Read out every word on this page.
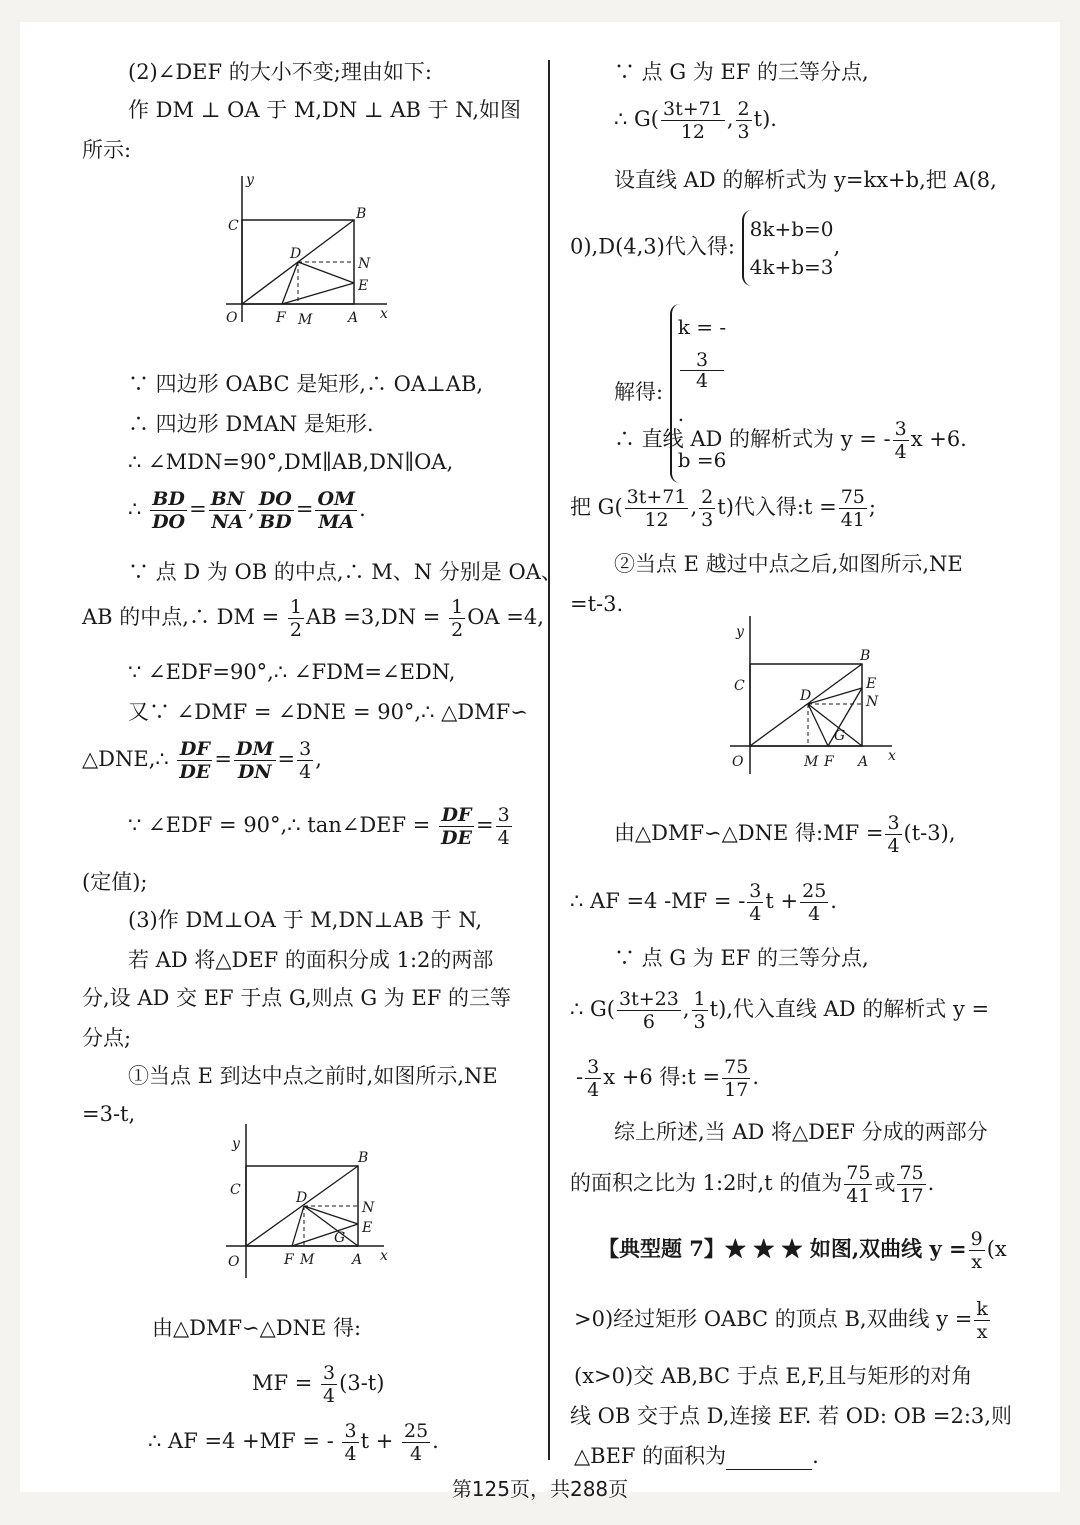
(2)∠DEF 的大小不变;理由如下:
作 DM ⊥ OA 于 M,DN ⊥ AB 于 N,如图
所示:
y
x
O
C
B
D
N
E
F M	A
∵ 四边形 OABC 是矩形,∴ OA⊥AB,
∴ 四边形 DMAN 是矩形.
∴ ∠MDN=90°,DM∥AB,DN∥OA,
∴ $\frac{BD}{DO} = \frac{BN}{NA}$ , $\frac{DO}{BD} = \frac{OM}{MA}$ .
∵ 点 D 为 OB 的中点,∴ M、N 分别是 OA、
AB 的中点,∴ DM = $\frac{1}{2}$ AB $=3,DN = \frac{1}{2}$ OA =4,
∵ ∠EDF=90°,∴ ∠FDM=∠EDN,
又∵ ∠DMF = ∠DNE = 90°,∴ △DMF∽
△DNE,∴ $\frac{DF}{DE} = \frac{DM}{DN} = \frac{3}{4}$ ,
∵ ∠EDF = 90°,∴ tan∠DEF = $\frac{DF}{DE} = \frac{3}{4}$
(定值);
(3)作 DM⊥OA 于 M,DN⊥AB 于 N,
若 AD 将△DEF 的面积分成 1:2的两部
分,设 AD 交 EF 于点 G,则点 G 为 EF 的三等
分点;
①当点 E 到达中点之前时,如图所示,NE
=3-t,
y
x
O
C
B
D
N
E
G
F M	A
由△DMF∽△DNE 得:
MF = $\frac{3}{4} (3-t)$
∴ AF =4 +MF = - $\frac{3}{4}$ $t + \frac{25}{4}$ .
∵ 点 G 为 EF 的三等分点,
∴ $G( \frac{3t+71}{12}$ , $\frac{2}{3} t$).
设直线 AD 的解析式为 y=kx+b,把 A(8,
0),D(4,3)代入得:
8k+b=0
4k+b=3
,
解得:
k = -
3
4
.
b =6
∴ 直线 AD 的解析式为 y = - $\frac{3}{4}$ x +6.
把 $G( \frac{3t+71}{12}$ , $\frac{2}{3} t$)代入得:t = $\frac{75}{41}$ ;
②当点 E 越过中点之后,如图所示,NE
=t-3.
y
x
O
C
B
D
E
N
G
M F A
由△DMF∽△DNE 得:MF = $\frac{3}{4} (t-3)$,
∴ AF =4 -MF = - $\frac{3}{4}$ $t + \frac{25}{4}$ .
∵ 点 G 为 EF 的三等分点,
∴ $G( \frac{3t+23}{6}$ , $\frac{1}{3} t$),代入直线 AD 的解析式 y =
- $\frac{3}{4}$ x +6 得:t = $\frac{75}{17}$ .
综上所述,当 AD 将△DEF 分成的两部分
的面积之比为 1:2时,t 的值为 $\frac{75}{41}$ 或 $\frac{75}{17}$ .
【典型题 7】★ ★ ★ 如图,双曲线 $y = \frac{9}{x} (x$
>0)经过矩形 OABC 的顶点 B,双曲线 $y = \frac{k}{x}$
(x>0)交 AB,BC 于点 E,F,且与矩形的对角
线 OB 交于点 D,连接 EF. 若 OD: OB =2:3,则
△BEF 的面积为	.
第125页，共288页
